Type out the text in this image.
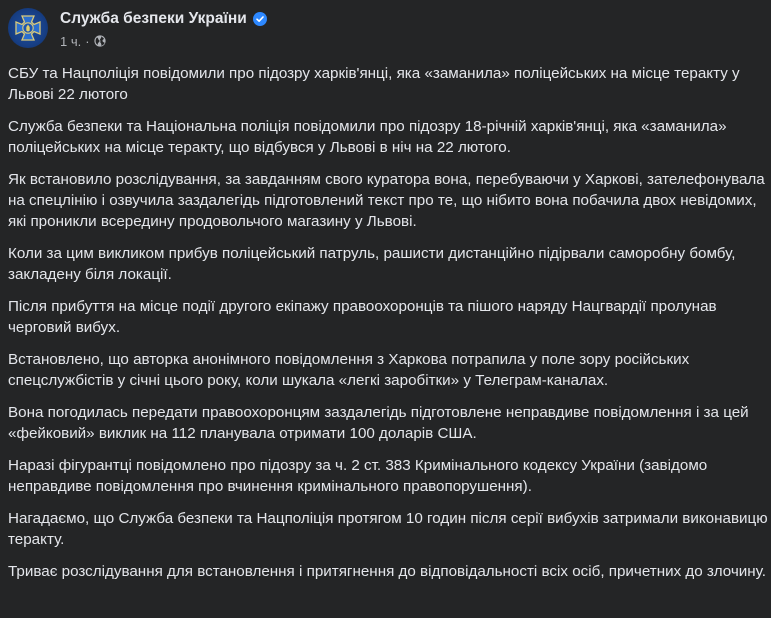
Служба безпеки України
1 ч. ·

СБУ та Нацполіція повідомили про підозру харків'янці, яка «заманила» поліцейських на місце теракту у Львові 22 лютого

Служба безпеки та Національна поліція повідомили про підозру 18-річній харків'янці, яка «заманила» поліцейських на місце теракту, що відбувся у Львові в ніч на 22 лютого.

Як встановило розслідування, за завданням свого куратора вона, перебуваючи у Харкові, зателефонувала на спецлінію і озвучила заздалегідь підготовлений текст про те, що нібито вона побачила двох невідомих, які проникли всередину продовольчого магазину у Львові.

Коли за цим викликом прибув поліцейський патруль, рашисти дистанційно підірвали саморобну бомбу, закладену біля локації.

Після прибуття на місце події другого екіпажу правоохоронців та пішого наряду Нацгвардії пролунав черговий вибух.

Встановлено, що авторка анонімного повідомлення з Харкова потрапила у поле зору російських спецслужбістів у січні цього року, коли шукала «легкі заробітки» у Телеграм-каналах.

Вона погодилась передати правоохоронцям заздалегідь підготовлене неправдиве повідомлення і за цей «фейковий» виклик на 112 планувала отримати 100 доларів США.

Наразі фігурантці повідомлено про підозру за ч. 2 ст. 383 Кримінального кодексу України (завідомо неправдиве повідомлення про вчинення кримінального правопорушення).

Нагадаємо, що Служба безпеки та Нацполіція протягом 10 годин після серії вибухів затримали виконавицю теракту.

Триває розслідування для встановлення і притягнення до відповідальності всіх осіб, причетних до злочину.
